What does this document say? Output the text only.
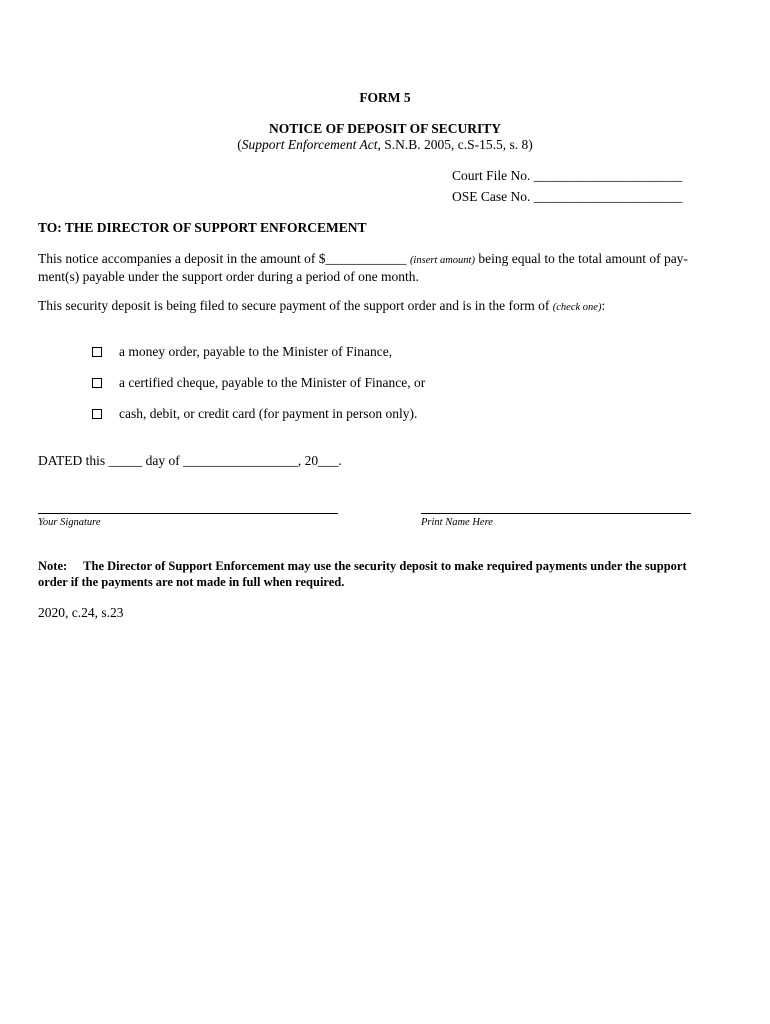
FORM 5
NOTICE OF DEPOSIT OF SECURITY
(Support Enforcement Act, S.N.B. 2005, c.S-15.5, s. 8)
Court File No. ______________________
OSE Case No. ______________________
TO: THE DIRECTOR OF SUPPORT ENFORCEMENT
This notice accompanies a deposit in the amount of $____________ (insert amount) being equal to the total amount of pay-ment(s) payable under the support order during a period of one month.
This security deposit is being filed to secure payment of the support order and is in the form of (check one):
a money order, payable to the Minister of Finance,
a certified cheque, payable to the Minister of Finance, or
cash, debit, or credit card (for payment in person only).
DATED this _____ day of _________________, 20___.
Your Signature	Print Name Here
Note: The Director of Support Enforcement may use the security deposit to make required payments under the support order if the payments are not made in full when required.
2020, c.24, s.23
